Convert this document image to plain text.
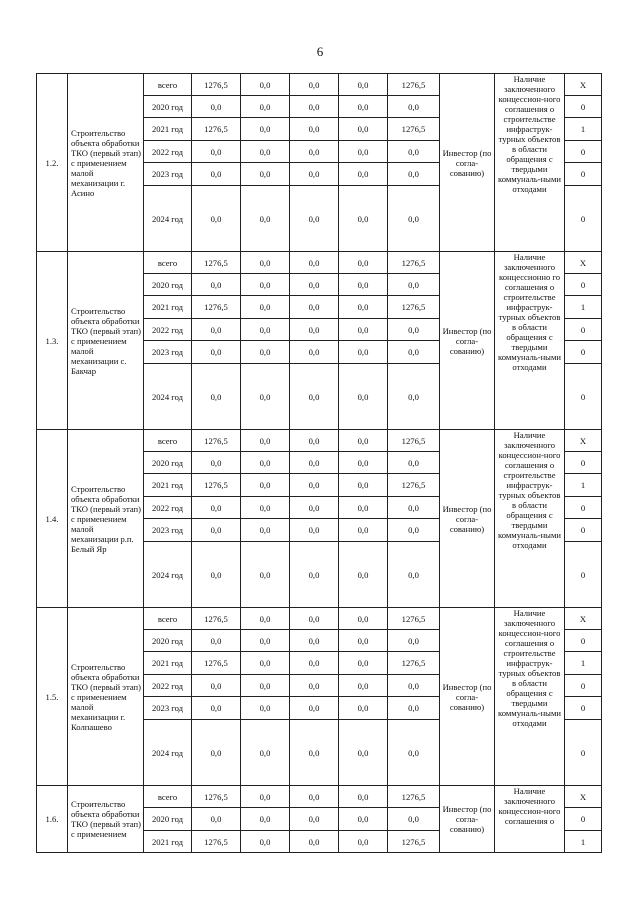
6
1.2.	Строительство объекта обработки ТКО (первый этап) с применением малой механизации г. Асино	всего	1276,5	0,0	0,0	0,0	1276,5	Инвестор (по согла-сованию)	Наличие заключенного концессион-ного соглашения о строительстве инфраструк-турных объектов в области обращения с твердыми коммуналь-ными отходами	X
		2020 год	0,0	0,0	0,0	0,0	0,0			0
		2021 год	1276,5	0,0	0,0	0,0	1276,5			1
		2022 год	0,0	0,0	0,0	0,0	0,0			0
		2023 год	0,0	0,0	0,0	0,0	0,0			0
		2024 год	0,0	0,0	0,0	0,0	0,0			0
1.3.	Строительство объекта обработки ТКО (первый этап) с применением малой механизации с. Бакчар	всего	1276,5	0,0	0,0	0,0	1276,5	Инвестор (по согла-сованию)	Наличие заключенного концессионно го соглашения о строительстве инфраструк-турных объектов в области обращения с твердыми коммуналь-ными отходами	X
		2020 год	0,0	0,0	0,0	0,0	0,0			0
		2021 год	1276,5	0,0	0,0	0,0	1276,5			1
		2022 год	0,0	0,0	0,0	0,0	0,0			0
		2023 год	0,0	0,0	0,0	0,0	0,0			0
		2024 год	0,0	0,0	0,0	0,0	0,0			0
1.4.	Строительство объекта обработки ТКО (первый этап) с применением малой механизации р.п. Белый Яр	всего	1276,5	0,0	0,0	0,0	1276,5	Инвестор (по согла-сованию)	Наличие заключенного концессион-ного соглашения о строительстве инфраструк-турных объектов в области обращения с твердыми коммуналь-ными отходами	X
		2020 год	0,0	0,0	0,0	0,0	0,0			0
		2021 год	1276,5	0,0	0,0	0,0	1276,5			1
		2022 год	0,0	0,0	0,0	0,0	0,0			0
		2023 год	0,0	0,0	0,0	0,0	0,0			0
		2024 год	0,0	0,0	0,0	0,0	0,0			0
1.5.	Строительство объекта обработки ТКО (первый этап) с применением малой механизации г. Колпашево	всего	1276,5	0,0	0,0	0,0	1276,5	Инвестор (по согла-сованию)	Наличие заключенного концессион-ного соглашения о строительстве инфраструк-турных объектов в области обращения с твердыми коммуналь-ными отходами	X
		2020 год	0,0	0,0	0,0	0,0	0,0			0
		2021 год	1276,5	0,0	0,0	0,0	1276,5			1
		2022 год	0,0	0,0	0,0	0,0	0,0			0
		2023 год	0,0	0,0	0,0	0,0	0,0			0
		2024 год	0,0	0,0	0,0	0,0	0,0			0
1.6.	Строительство объекта обработки ТКО (первый этап) с применением	всего	1276,5	0,0	0,0	0,0	1276,5	Инвестор (по согла-сованию)	Наличие заключенного концессион-ного соглашения о	X
		2020 год	0,0	0,0	0,0	0,0	0,0			0
		2021 год	1276,5	0,0	0,0	0,0	1276,5			1
